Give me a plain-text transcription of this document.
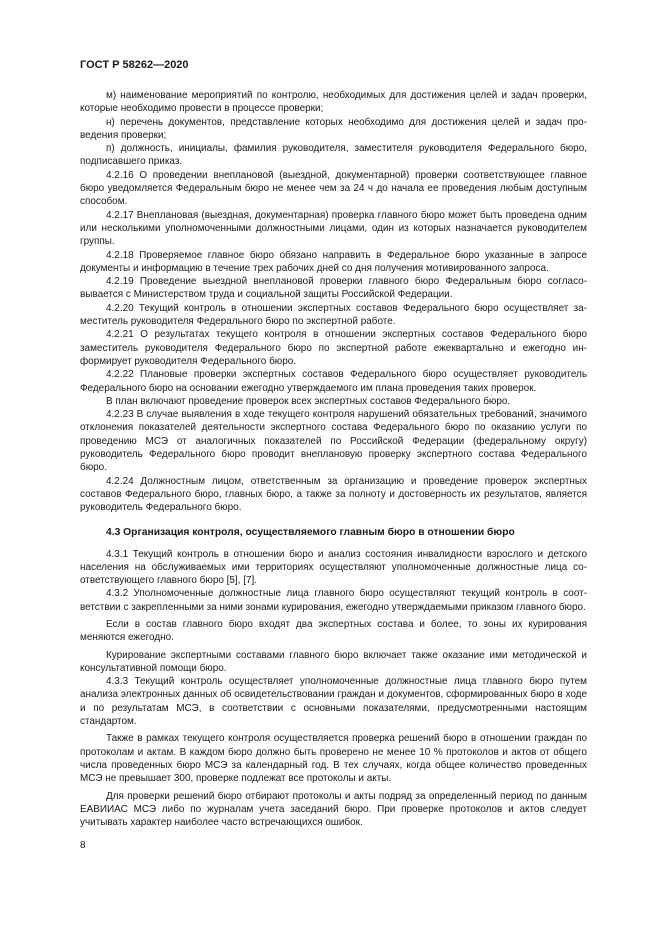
ГОСТ Р 58262—2020

м) наименование мероприятий по контролю, необходимых для достижения целей и задач проверки, которые необходимо провести в процессе проверки;

н) перечень документов, представление которых необходимо для достижения целей и задач проведения проверки;

п) должность, инициалы, фамилия руководителя, заместителя руководителя Федерального бюро, подписавшего приказ.

4.2.16 О проведении внеплановой (выездной, документарной) проверки соответствующее главное бюро уведомляется Федеральным бюро не менее чем за 24 ч до начала ее проведения любым доступным способом.

4.2.17 Внеплановая (выездная, документарная) проверка главного бюро может быть проведена одним или несколькими уполномоченными должностными лицами, один из которых назначается руководителем группы.

4.2.18 Проверяемое главное бюро обязано направить в Федеральное бюро указанные в запросе документы и информацию в течение трех рабочих дней со дня получения мотивированного запроса.

4.2.19 Проведение выездной внеплановой проверки главного бюро Федеральным бюро согласовывается с Министерством труда и социальной защиты Российской Федерации.

4.2.20 Текущий контроль в отношении экспертных составов Федерального бюро осуществляет заместитель руководителя Федерального бюро по экспертной работе.

4.2.21 О результатах текущего контроля в отношении экспертных составов Федерального бюро заместитель руководителя Федерального бюро по экспертной работе ежеквартально и ежегодно информирует руководителя Федерального бюро.

4.2.22 Плановые проверки экспертных составов Федерального бюро осуществляет руководитель Федерального бюро на основании ежегодно утверждаемого им плана проведения таких проверок.

В план включают проведение проверок всех экспертных составов Федерального бюро.

4.2.23 В случае выявления в ходе текущего контроля нарушений обязательных требований, значимого отклонения показателей деятельности экспертного состава Федерального бюро по оказанию услуги по проведению МСЭ от аналогичных показателей по Российской Федерации (федеральному округу) руководитель Федерального бюро проводит внеплановую проверку экспертного состава Федерального бюро.

4.2.24 Должностным лицом, ответственным за организацию и проведение проверок экспертных составов Федерального бюро, главных бюро, а также за полноту и достоверность их результатов, является руководитель Федерального бюро.

4.3 Организация контроля, осуществляемого главным бюро в отношении бюро

4.3.1 Текущий контроль в отношении бюро и анализ состояния инвалидности взрослого и детского населения на обслуживаемых ими территориях осуществляют уполномоченные должностные лица соответствующего главного бюро [5], [7].

4.3.2 Уполномоченные должностные лица главного бюро осуществляют текущий контроль в соответствии с закрепленными за ними зонами курирования, ежегодно утверждаемыми приказом главного бюро.

Если в состав главного бюро входят два экспертных состава и более, то зоны их курирования меняются ежегодно.

Курирование экспертными составами главного бюро включает также оказание ими методической и консультативной помощи бюро.

4.3.3 Текущий контроль осуществляет уполномоченные должностные лица главного бюро путем анализа электронных данных об освидетельствовании граждан и документов, сформированных бюро в ходе и по результатам МСЭ, в соответствии с основными показателями, предусмотренными настоящим стандартом.

Также в рамках текущего контроля осуществляется проверка решений бюро в отношении граждан по протоколам и актам. В каждом бюро должно быть проверено не менее 10 % протоколов и актов от общего числа проведенных бюро МСЭ за календарный год. В тех случаях, когда общее количество проведенных МСЭ не превышает 300, проверке подлежат все протоколы и акты.

Для проверки решений бюро отбирают протоколы и акты подряд за определенный период по данным ЕАВИИАС МСЭ либо по журналам учета заседаний бюро. При проверке протоколов и актов следует учитывать характер наиболее часто встречающихся ошибок.

8
